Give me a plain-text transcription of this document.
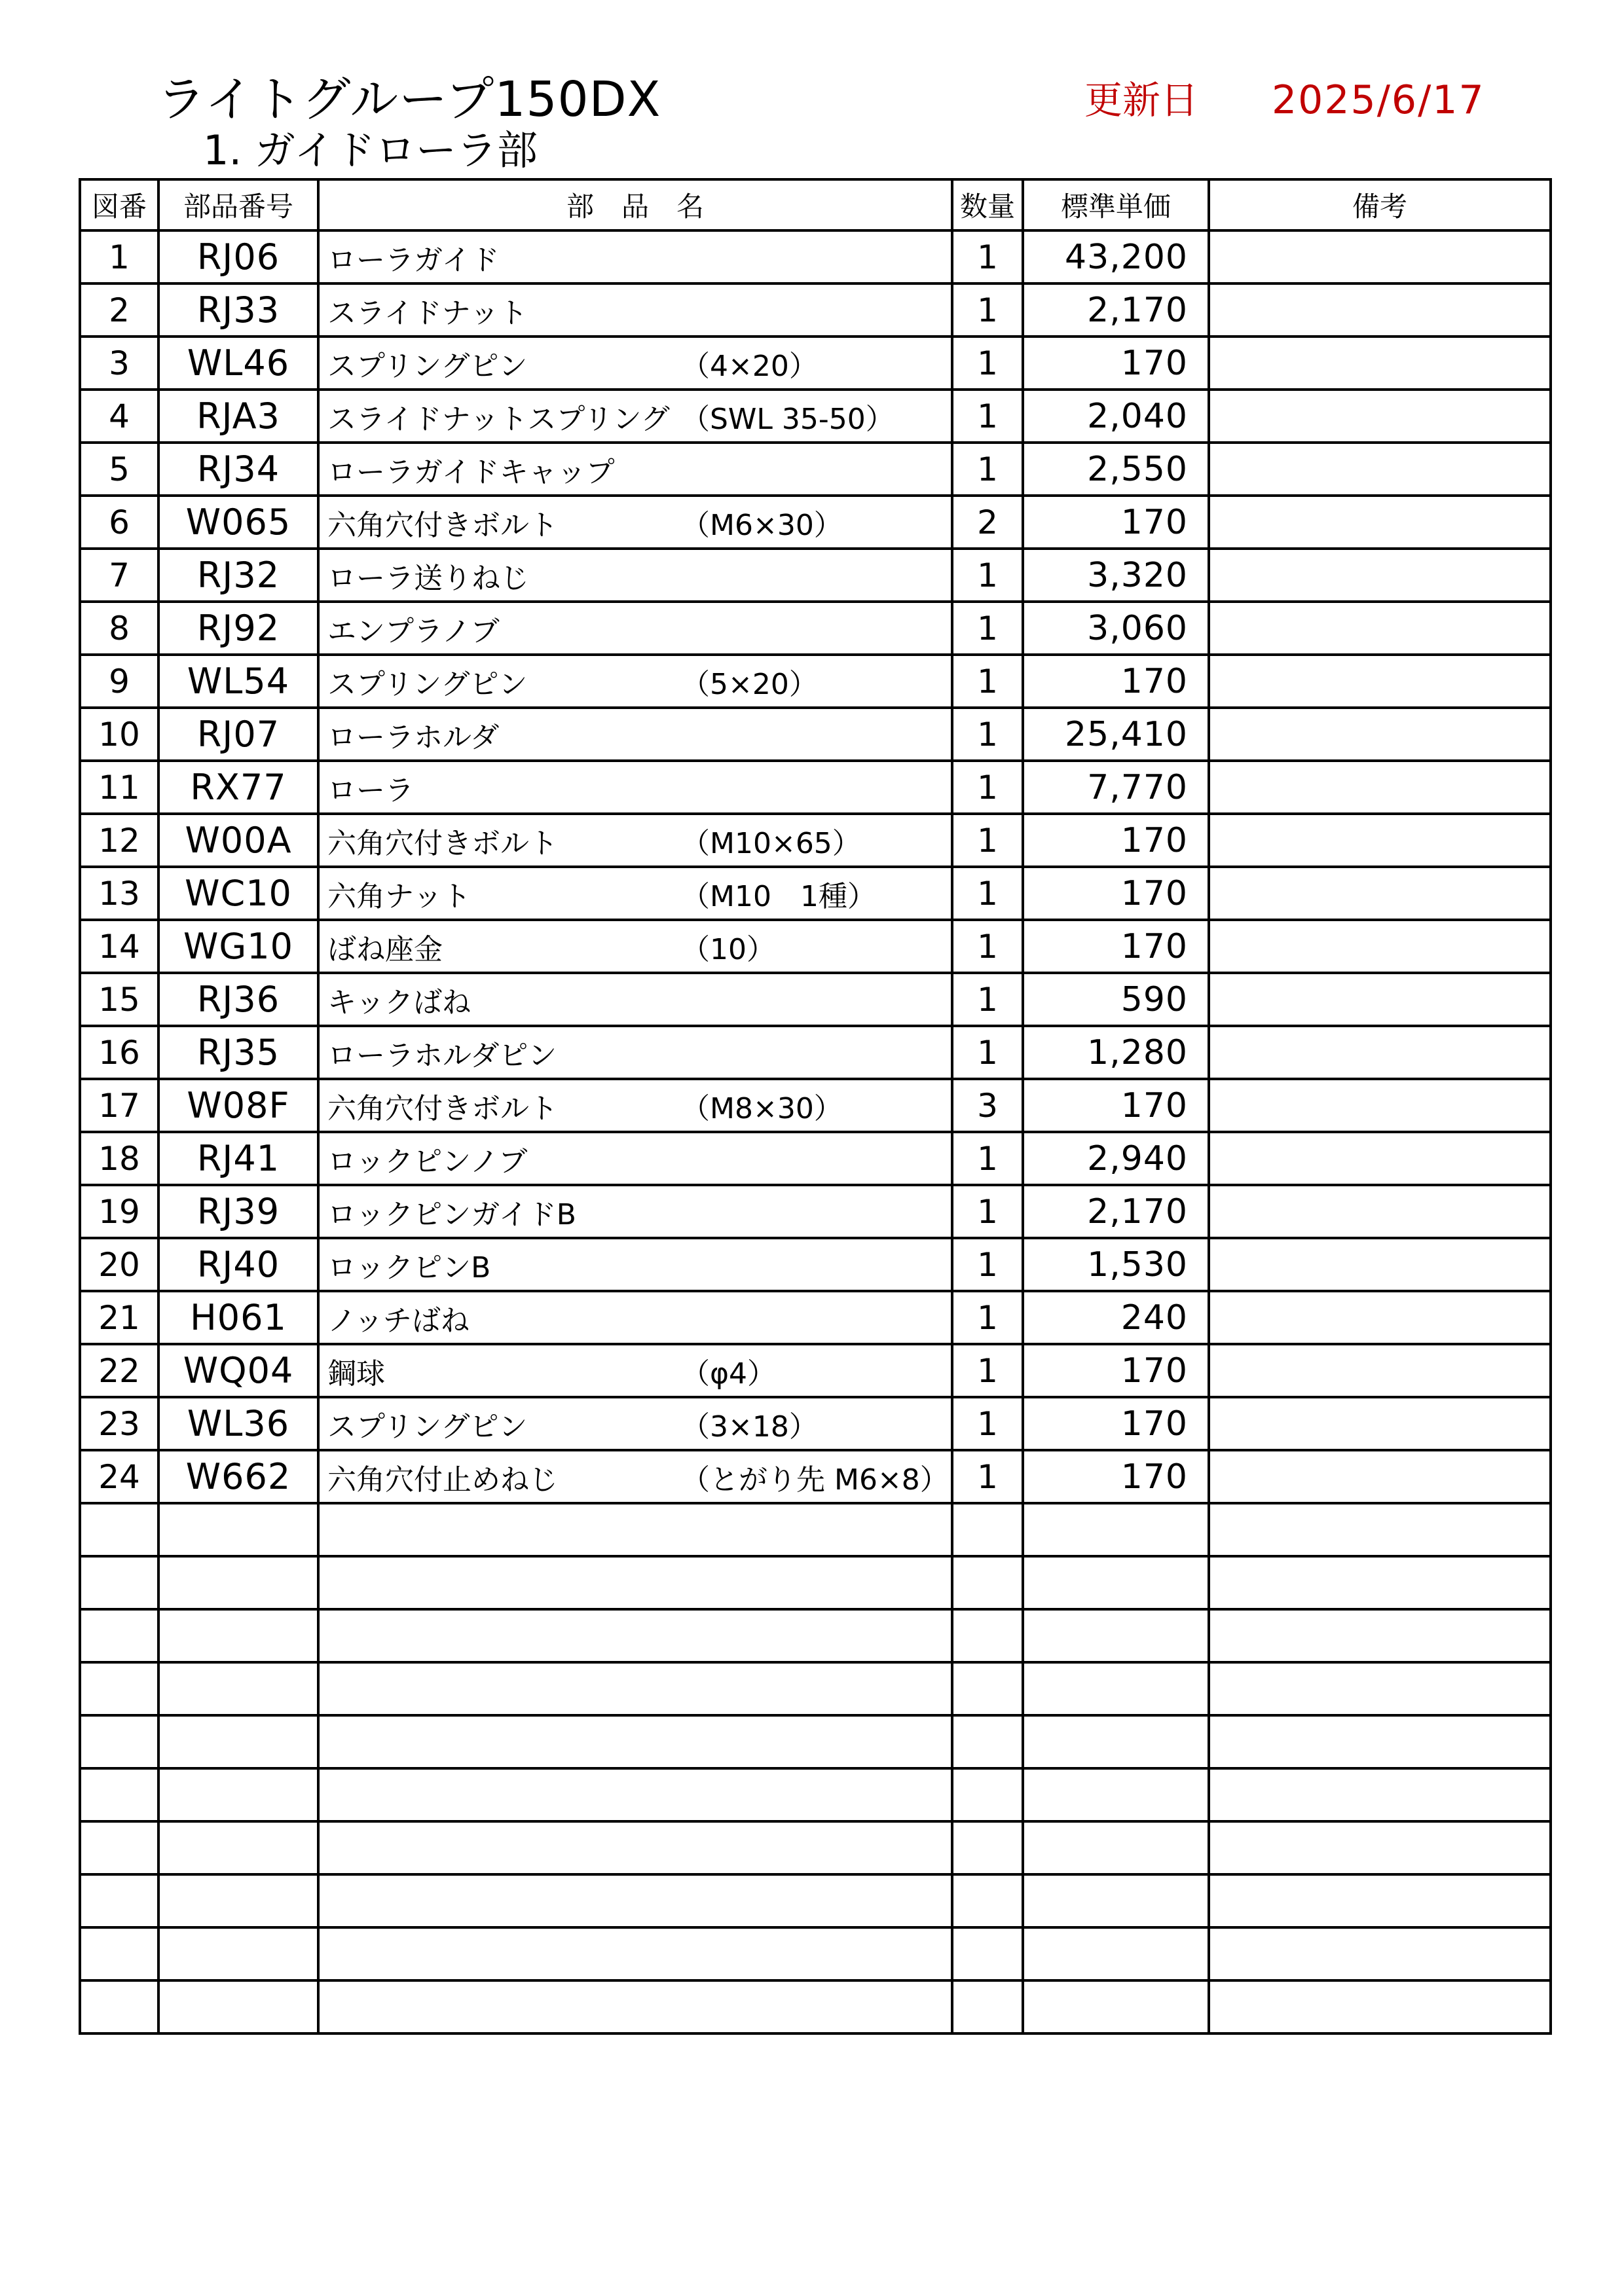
ライトグループ150DX
1. ガイドローラ部
更新日 2025/6/17
図番	部品番号	部　品　名	数量	標準単価	備考
1	RJ06	ローラガイド	1	43,200	
2	RJ33	スライドナット	1	2,170	
3	WL46	スプリングピン （4×20）	1	170	
4	RJA3	スライドナットスプリング （SWL 35-50）	1	2,040	
5	RJ34	ローラガイドキャップ	1	2,550	
6	W065	六角穴付きボルト （M6×30）	2	170	
7	RJ32	ローラ送りねじ	1	3,320	
8	RJ92	エンプラノブ	1	3,060	
9	WL54	スプリングピン （5×20）	1	170	
10	RJ07	ローラホルダ	1	25,410	
11	RX77	ローラ	1	7,770	
12	W00A	六角穴付きボルト （M10×65）	1	170	
13	WC10	六角ナット （M10　1種）	1	170	
14	WG10	ばね座金 （10）	1	170	
15	RJ36	キックばね	1	590	
16	RJ35	ローラホルダピン	1	1,280	
17	W08F	六角穴付きボルト （M8×30）	3	170	
18	RJ41	ロックピンノブ	1	2,940	
19	RJ39	ロックピンガイドB	1	2,170	
20	RJ40	ロックピンB	1	1,530	
21	H061	ノッチばね	1	240	
22	WQ04	鋼球 （φ4）	1	170	
23	WL36	スプリングピン （3×18）	1	170	
24	W662	六角穴付止めねじ （とがり先 M6×8）	1	170	
